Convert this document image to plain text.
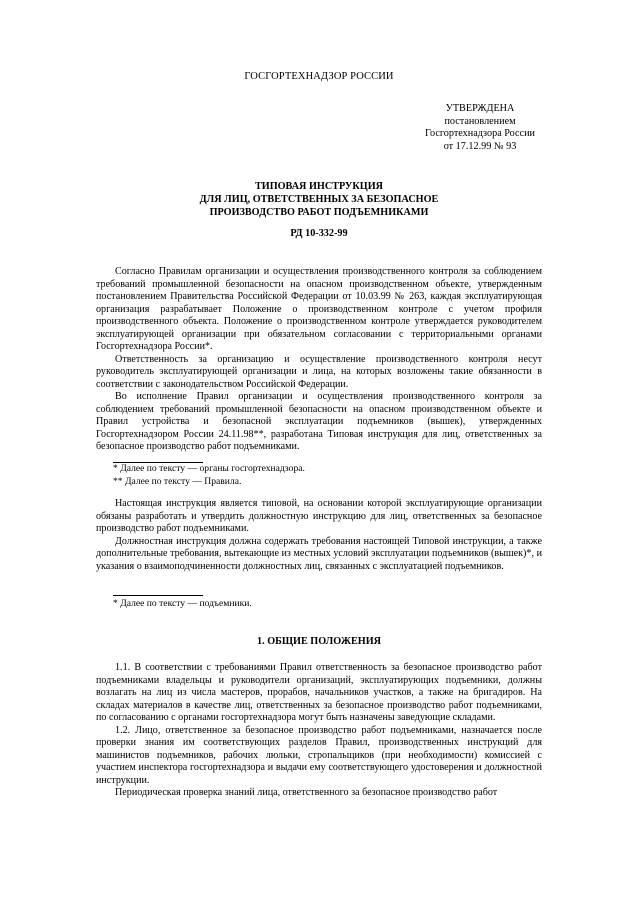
ГОСГОРТЕХНАДЗОР РОССИИ
УТВЕРЖДЕНА
постановлением
Госгортехнадзора России
от 17.12.99 № 93
ТИПОВАЯ ИНСТРУКЦИЯ
ДЛЯ ЛИЦ, ОТВЕТСТВЕННЫХ ЗА БЕЗОПАСНОЕ
ПРОИЗВОДСТВО РАБОТ ПОДЪЕМНИКАМИ
РД 10-332-99

Согласно Правилам организации и осуществления производственного контроля за соблюдением требований промышленной безопасности на опасном производственном объекте, утвержденным постановлением Правительства Российской Федерации от 10.03.99 № 263, каждая эксплуатирующая организация разрабатывает Положение о производственном контроле с учетом профиля производственного объекта. Положение о производственном контроле утверждается руководителем эксплуатирующей организации при обязательном согласовании с территориальными органами Госгортехнадзора России*.

Ответственность за организацию и осуществление производственного контроля несут руководитель эксплуатирующей организации и лица, на которых возложены такие обязанности в соответствии с законодательством Российской Федерации.

Во исполнение Правил организации и осуществления производственного контроля за соблюдением требований промышленной безопасности на опасном производственном объекте и Правил устройства и безопасной эксплуатации подъемников (вышек), утвержденных Госгортехнадзором России 24.11.98**, разработана Типовая инструкция для лиц, ответственных за безопасное производство работ подъемниками.

* Далее по тексту — органы госгортехнадзора.
** Далее по тексту — Правила.

Настоящая инструкция является типовой, на основании которой эксплуатирующие организации обязаны разработать и утвердить должностную инструкцию для лиц, ответственных за безопасное производство работ подъемниками.

Должностная инструкция должна содержать требования настоящей Типовой инструкции, а также дополнительные требования, вытекающие из местных условий эксплуатации подъемников (вышек)*, и указания о взаимоподчиненности должностных лиц, связанных с эксплуатацией подъемников.

* Далее по тексту — подъемники.
1. ОБЩИЕ ПОЛОЖЕНИЯ

1.1. В соответствии с требованиями Правил ответственность за безопасное производство работ подъемниками владельцы и руководители организаций, эксплуатирующих подъемники, должны возлагать на лиц из числа мастеров, прорабов, начальников участков, а также на бригадиров. На складах материалов в качестве лиц, ответственных за безопасное производство работ подъемниками, по согласованию с органами госгортехнадзора могут быть назначены заведующие складами.

1.2. Лицо, ответственное за безопасное производство работ подъемниками, назначается после проверки знания им соответствующих разделов Правил, производственных инструкций для машинистов подъемников, рабочих люльки, стропальщиков (при необходимости) комиссией с участием инспектора госгортехнадзора и выдачи ему соответствующего удостоверения и должностной инструкции.

Периодическая проверка знаний лица, ответственного за безопасное производство работ
